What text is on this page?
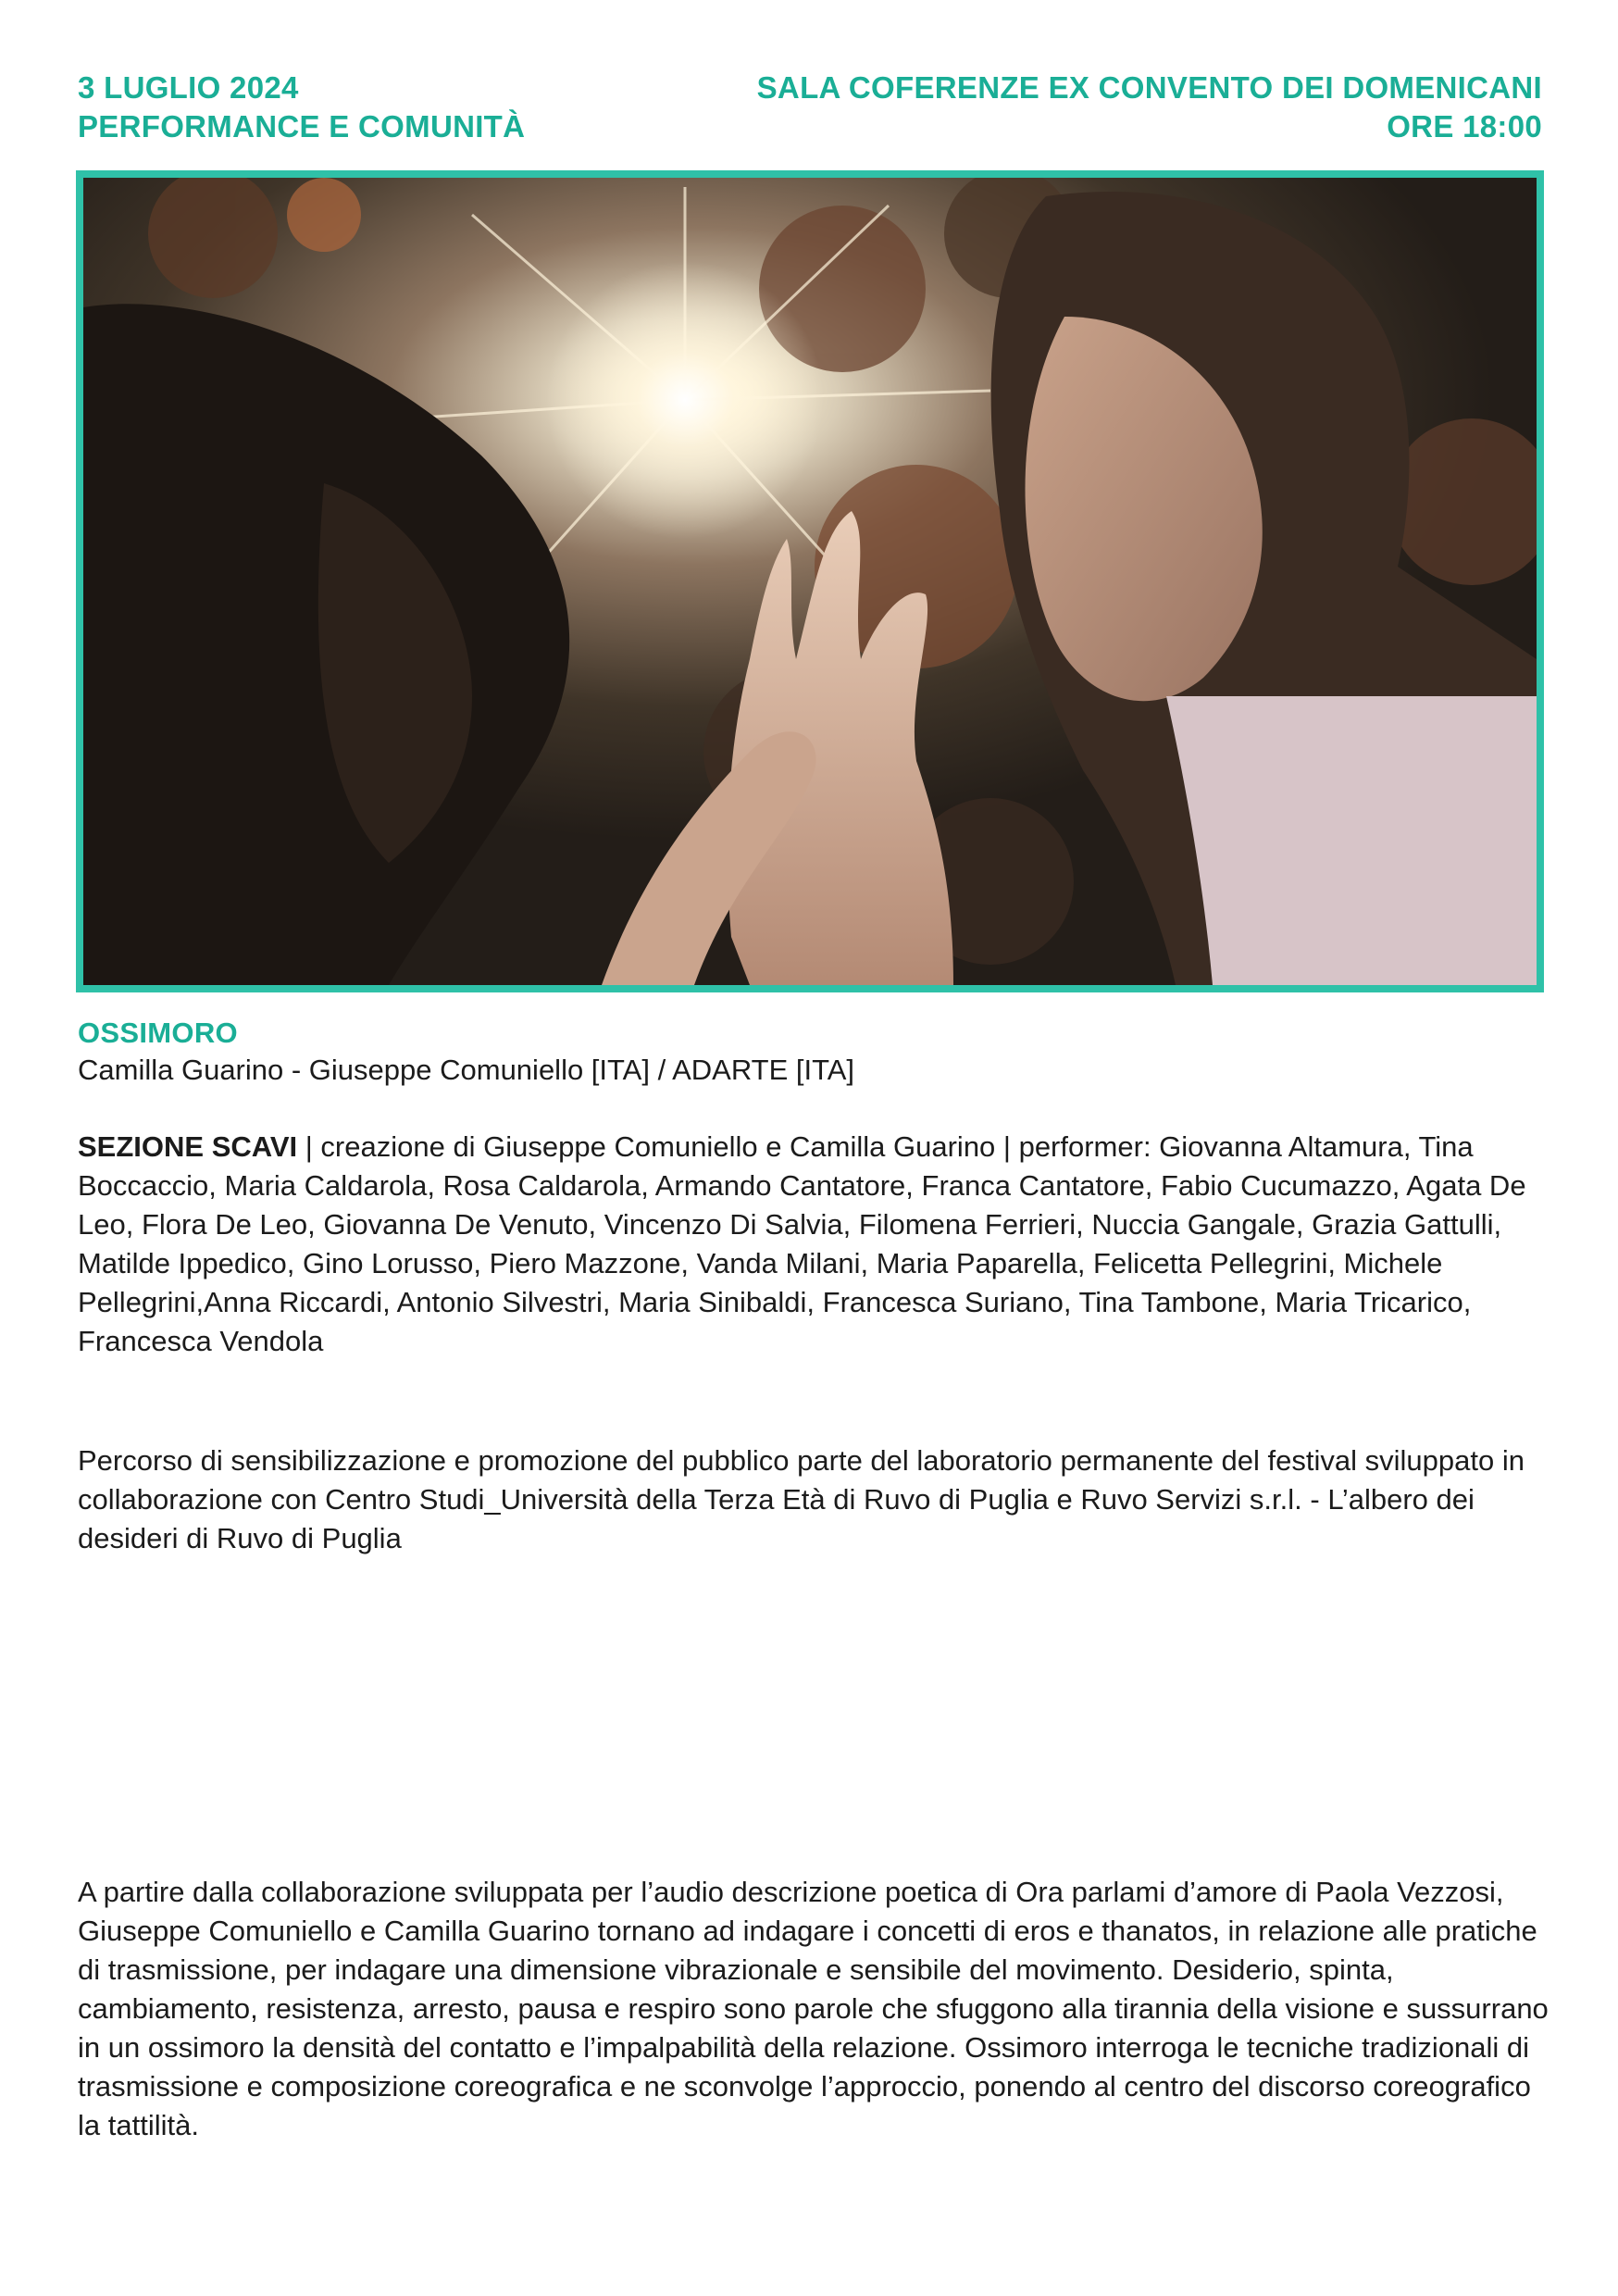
3 LUGLIO 2024
PERFORMANCE E COMUNITÀ
SALA COFERENZE EX CONVENTO DEI DOMENICANI
ORE 18:00
OSSIMORO
Camilla Guarino - Giuseppe Comuniello [ITA] / ADARTE [ITA]
SEZIONE SCAVI | creazione di Giuseppe Comuniello e Camilla Guarino | performer: Giovanna Altamura, Tina Boccaccio, Maria Caldarola, Rosa Caldarola, Armando Cantatore, Franca Cantatore, Fabio Cucumazzo, Agata De Leo, Flora De Leo, Giovanna De Venuto, Vincenzo Di Salvia, Filomena Ferrieri, Nuccia Gangale, Grazia Gattulli, Matilde Ippedico, Gino Lorusso, Piero Mazzone, Vanda Milani, Maria Paparella, Felicetta Pellegrini, Michele Pellegrini,Anna Riccardi, Antonio Silvestri, Maria Sinibaldi, Francesca Suriano, Tina Tambone, Maria Tricarico, Francesca Vendola
Percorso di sensibilizzazione e promozione del pubblico parte del laboratorio permanente del festival sviluppato in collaborazione con Centro Studi_Università della Terza Età di Ruvo di Puglia e Ruvo Servizi s.r.l. - L’albero dei desideri di Ruvo di Puglia
A partire dalla collaborazione sviluppata per l’audio descrizione poetica di Ora parlami d’amore di Paola Vezzosi, Giuseppe Comuniello e Camilla Guarino tornano ad indagare i concetti di eros e thanatos, in relazione alle pratiche di trasmissione, per indagare una dimensione vibrazionale e sensibile del movimento. Desiderio, spinta, cambiamento, resistenza, arresto, pausa e respiro sono parole che sfuggono alla tirannia della visione e sussurrano in un ossimoro la densità del contatto e l’impalpabilità della relazione. Ossimoro interroga le tecniche tradizionali di trasmissione e composizione coreografica e ne sconvolge l’approccio, ponendo al centro del discorso coreografico la tattilità.
